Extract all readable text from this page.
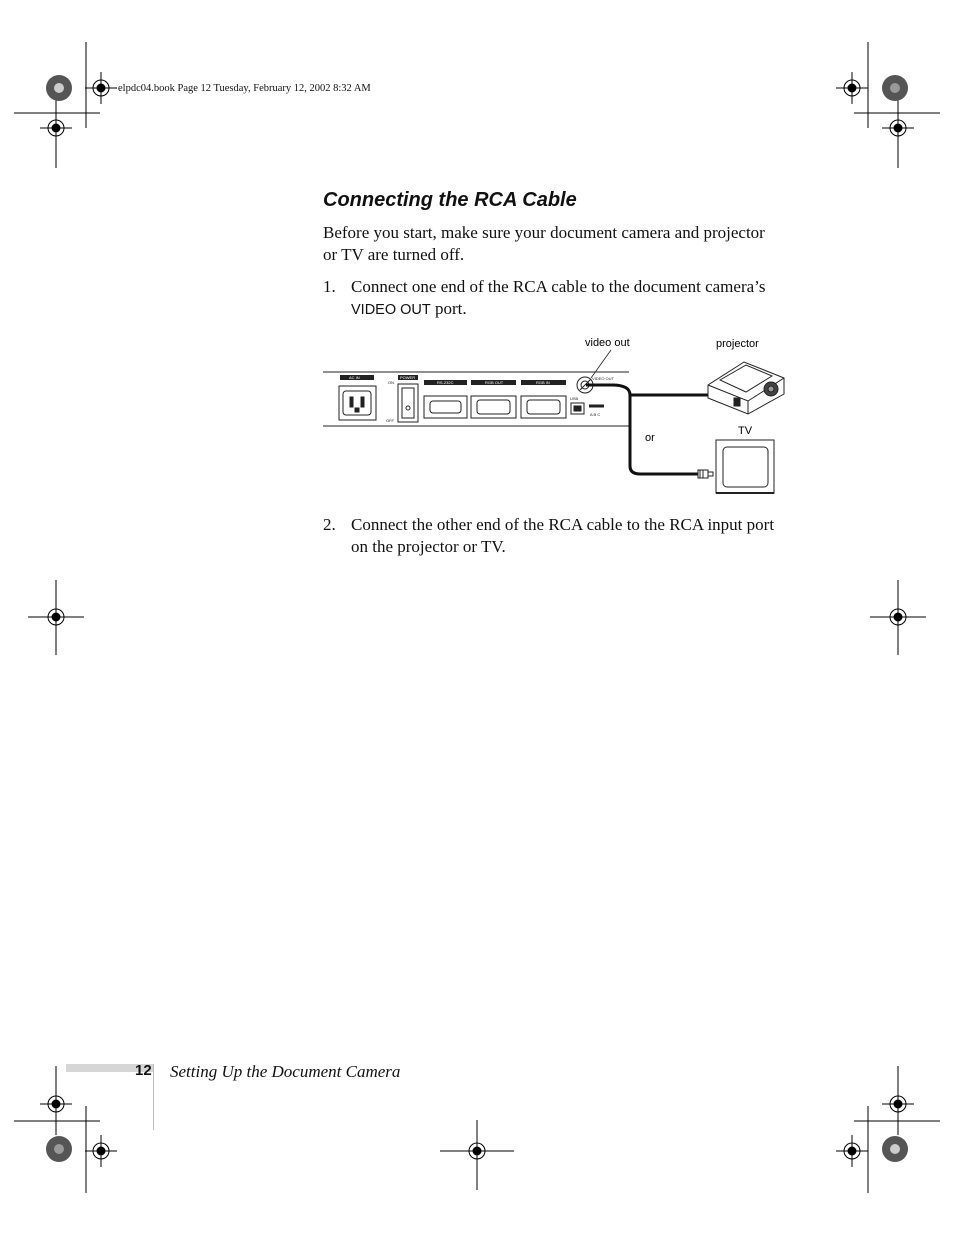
elpdc04.book Page 12 Tuesday, February 12, 2002 8:32 AM
Connecting the RCA Cable
Before you start, make sure your document camera and projector or TV are turned off.
1. Connect one end of the RCA cable to the document camera’s VIDEO OUT port.
AC IN	POWER
RS-232C	RGB OUT	RGB IN
ON
OFF
VIDEO OUT
USB
A B C
video out	projector
or
TV
2. Connect the other end of the RCA cable to the RCA input port on the projector or TV.
12 Setting Up the Document Camera
